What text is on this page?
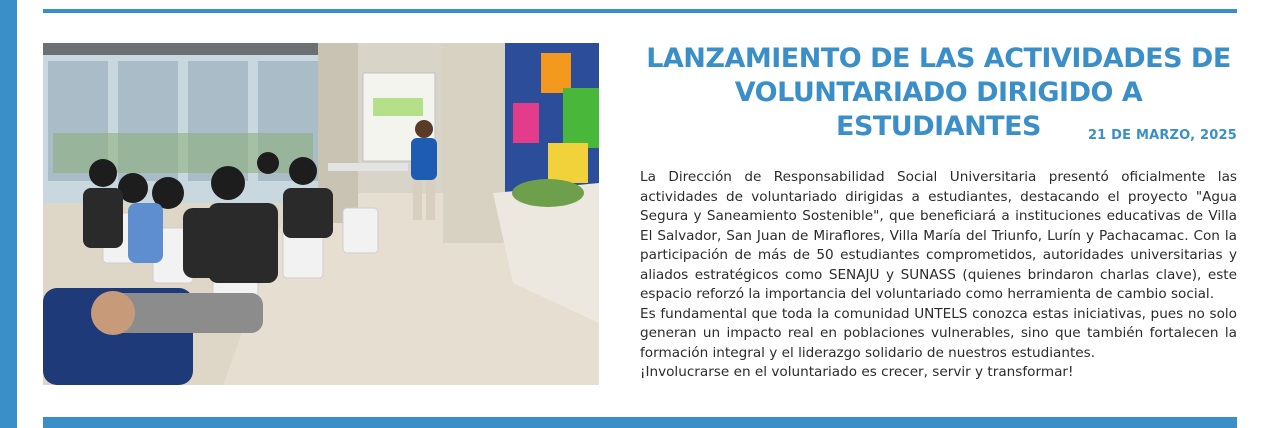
LANZAMIENTO DE LAS ACTIVIDADES DE VOLUNTARIADO DIRIGIDO A ESTUDIANTES	21 DE MARZO, 2025

La Dirección de Responsabilidad Social Universitaria presentó oficialmente las actividades de voluntariado dirigidas a estudiantes, destacando el proyecto "Agua Segura y Saneamiento Sostenible", que beneficiará a instituciones educativas de Villa El Salvador, San Juan de Miraflores, Villa María del Triunfo, Lurín y Pachacamac. Con la participación de más de 50 estudiantes comprometidos, autoridades universitarias y aliados estratégicos como SENAJU y SUNASS (quienes brindaron charlas clave), este espacio reforzó la importancia del voluntariado como herramienta de cambio social.

Es fundamental que toda la comunidad UNTELS conozca estas iniciativas, pues no solo generan un impacto real en poblaciones vulnerables, sino que también fortalecen la formación integral y el liderazgo solidario de nuestros estudiantes.

¡Involucrarse en el voluntariado es crecer, servir y transformar!
